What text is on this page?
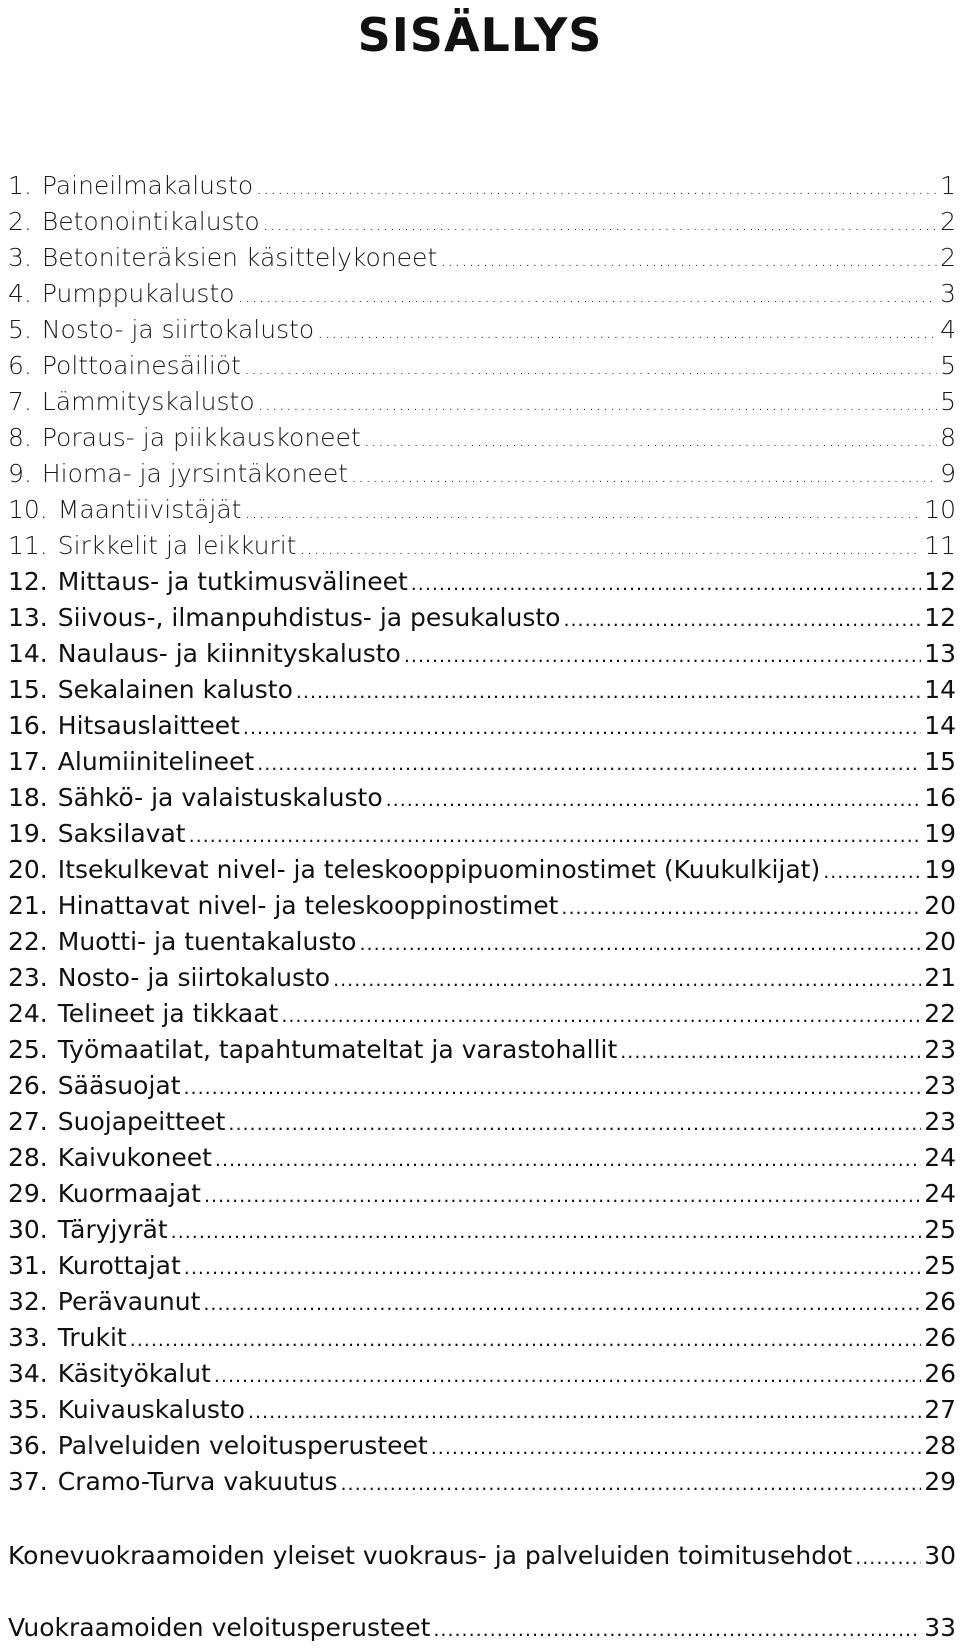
SISÄLLYS
1. Paineilmakalusto .....	1
2. Betonointikalusto .....	2
3. Betoniteräksien käsittelykoneet .....	2
4. Pumppukalusto .....	3
5. Nosto- ja siirtokalusto .....	4
6. Polttoainesäiliöt .....	5
7. Lämmityskalusto .....	5
8. Poraus- ja piikkauskoneet .....	8
9. Hioma- ja jyrsintäkoneet .....	9
10. Maantiivistäjät .....	10
11. Sirkkelit ja leikkurit .....	11
12. Mittaus- ja tutkimusvälineet .....	12
13. Siivous-, ilmanpuhdistus- ja pesukalusto .....	12
14. Naulaus- ja kiinnityskalusto .....	13
15. Sekalainen kalusto .....	14
16. Hitsauslaitteet .....	14
17. Alumiinitelineet .....	15
18. Sähkö- ja valaistuskalusto .....	16
19. Saksilavat .....	19
20. Itsekulkevat nivel- ja teleskooppipuominostimet (Kuukulkijat) .....	19
21. Hinattavat nivel- ja teleskooppinostimet .....	20
22. Muotti- ja tuentakalusto .....	20
23. Nosto- ja siirtokalusto .....	21
24. Telineet ja tikkaat .....	22
25. Työmaatilat, tapahtumateltat ja varastohallit .....	23
26. Sääsuojat .....	23
27. Suojapeitteet .....	23
28. Kaivukoneet .....	24
29. Kuormaajat .....	24
30. Täryjyrät .....	25
31. Kurottajat .....	25
32. Perävaunut .....	26
33. Trukit .....	26
34. Käsityökalut .....	26
35. Kuivauskalusto .....	27
36. Palveluiden veloitusperusteet .....	28
37. Cramo-Turva vakuutus .....	29
Konevuokraamoiden yleiset vuokraus- ja palveluiden toimitusehdot .....	30
Vuokraamoiden veloitusperusteet .....	33
